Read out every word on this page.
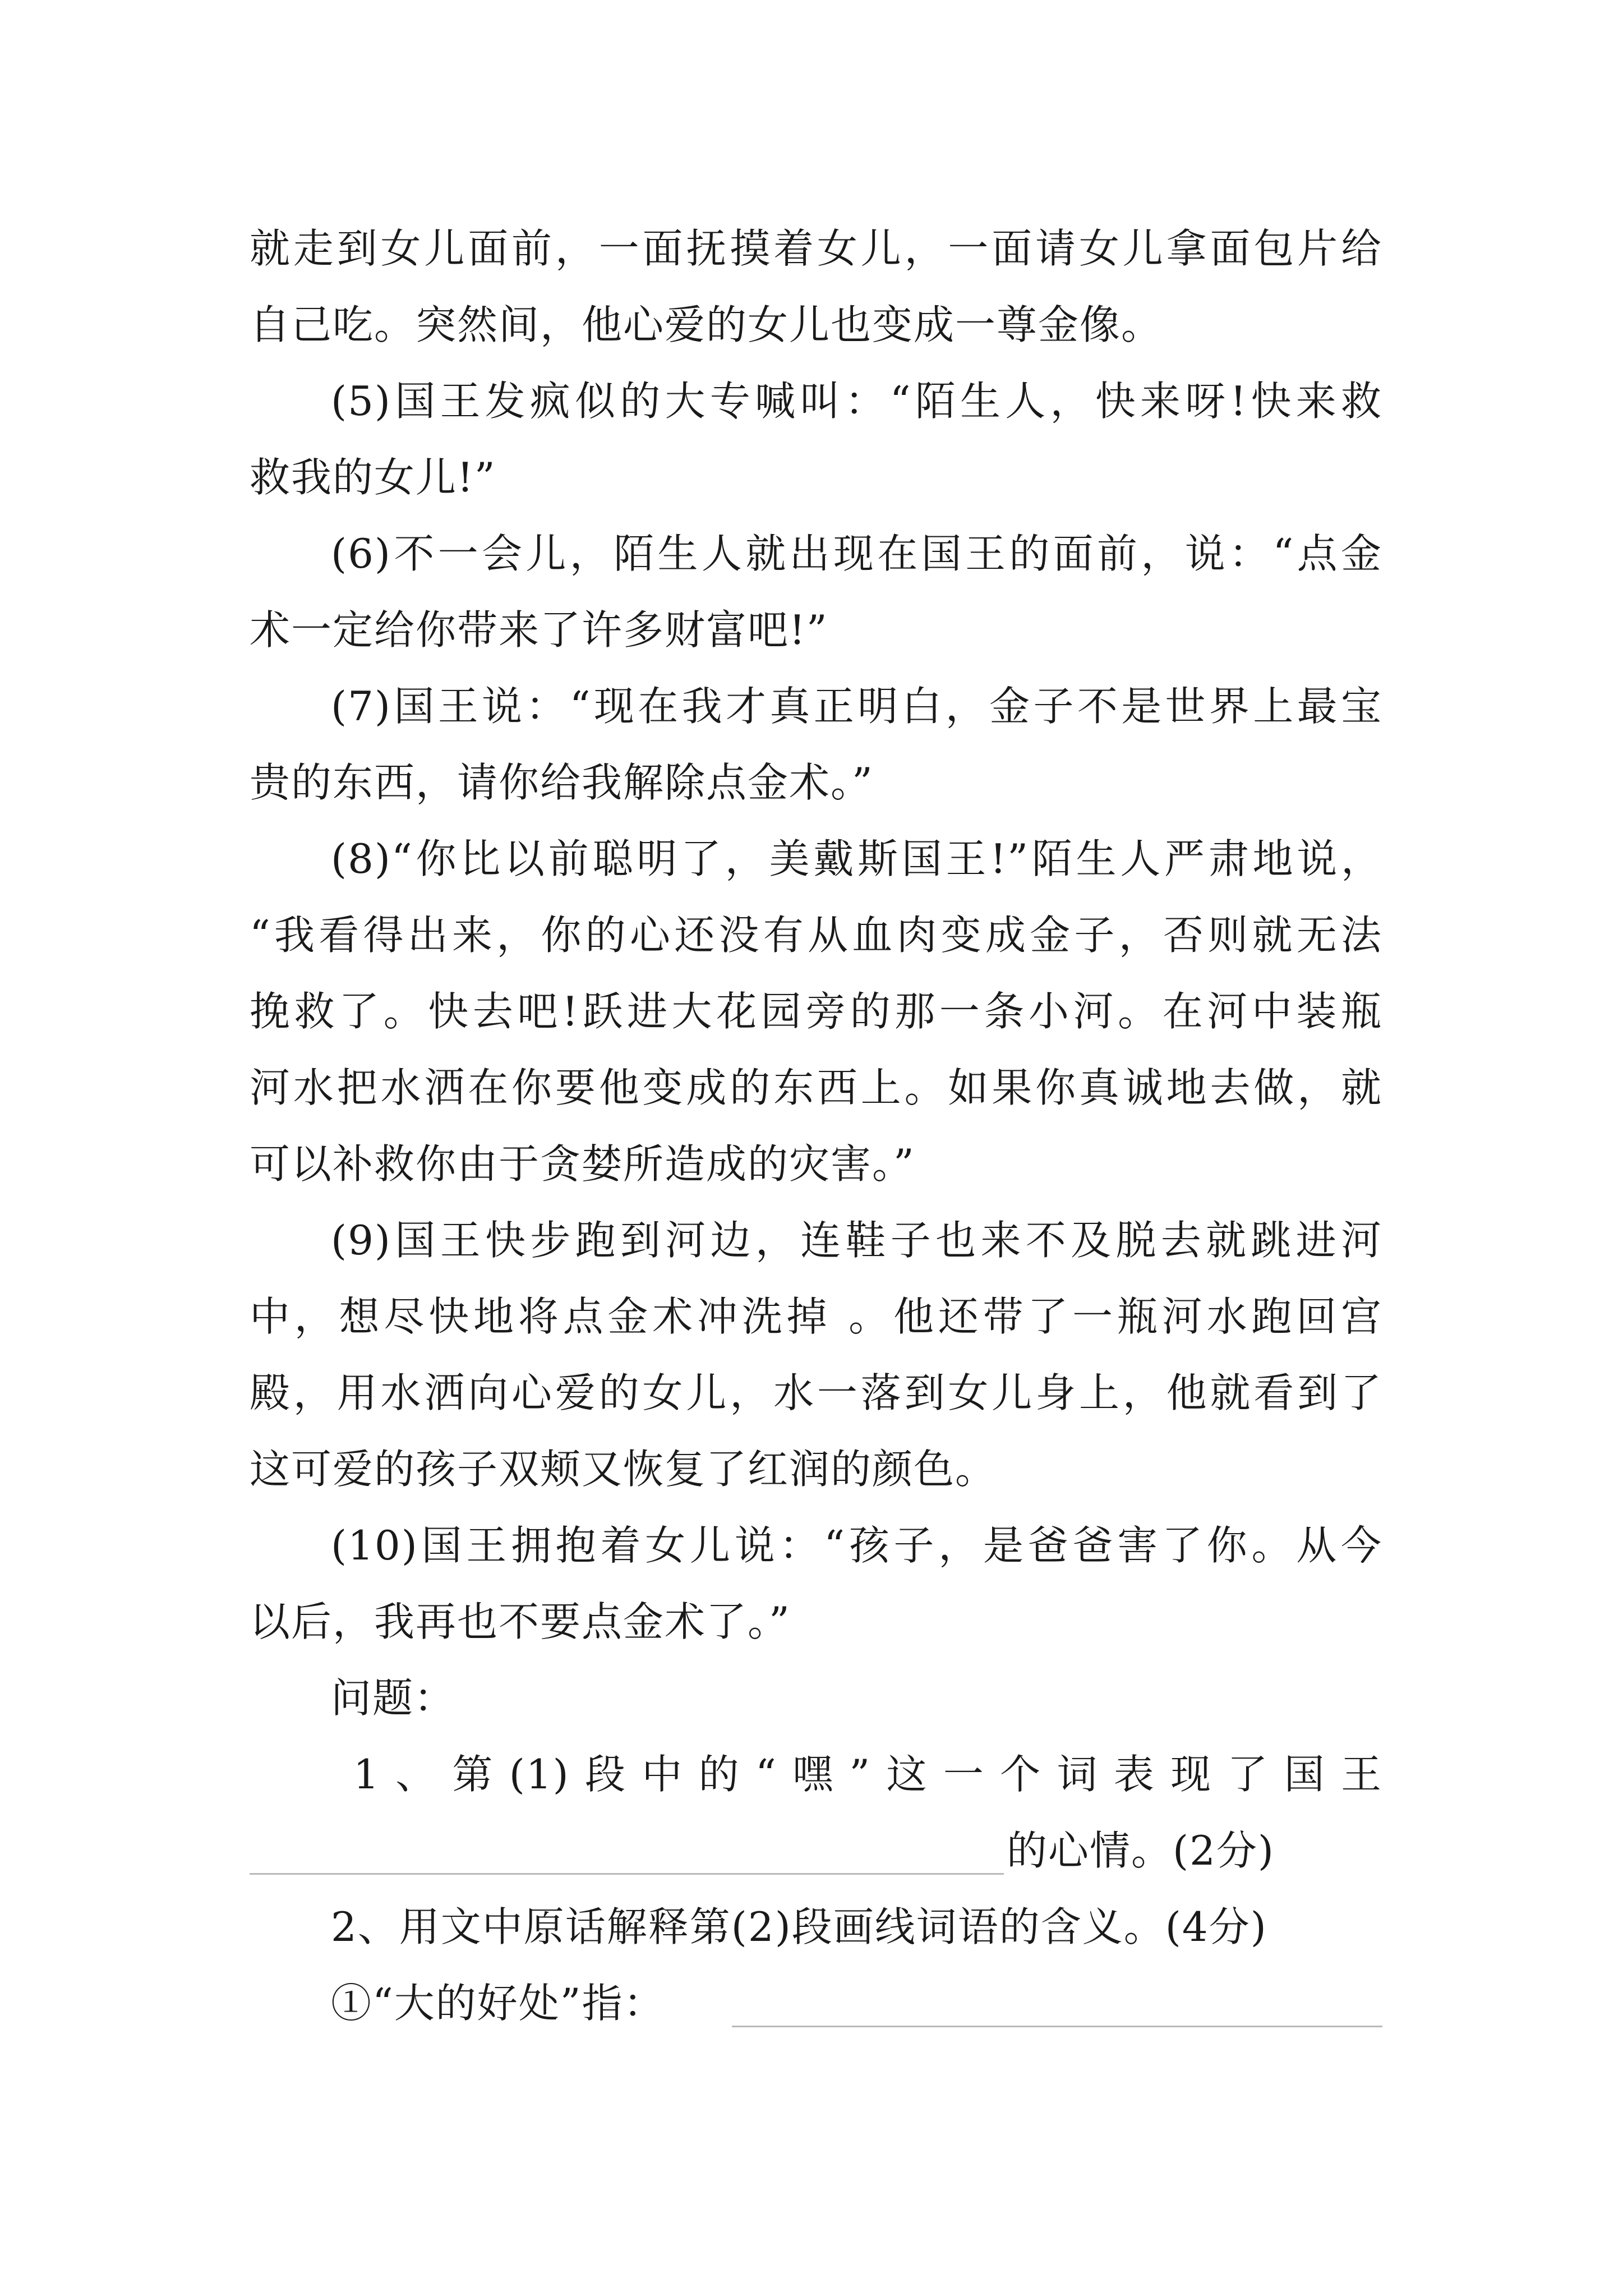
就走到女儿面前，一面抚摸着女儿，一面请女儿拿面包片给
自己吃。突然间，他心爱的女儿也变成一尊金像。
(5)国王发疯似的大专喊叫：“陌生人，快来呀!快来救
救我的女儿!”
(6)不一会儿，陌生人就出现在国王的面前，说：“点金
术一定给你带来了许多财富吧!”
(7)国王说：“现在我才真正明白，金子不是世界上最宝
贵的东西，请你给我解除点金术。”
(8)“你比以前聪明了，美戴斯国王!”陌生人严肃地说，
“我看得出来，你的心还没有从血肉变成金子，否则就无法
挽救了。快去吧!跃进大花园旁的那一条小河。在河中装瓶
河水把水洒在你要他变成的东西上。如果你真诚地去做，就
可以补救你由于贪婪所造成的灾害。”
(9)国王快步跑到河边，连鞋子也来不及脱去就跳进河
中，想尽快地将点金术冲洗掉 。他还带了一瓶河水跑回宫
殿，用水洒向心爱的女儿，水一落到女儿身上，他就看到了
这可爱的孩子双颊又恢复了红润的颜色。
(10)国王拥抱着女儿说：“孩子，是爸爸害了你。从今
以后，我再也不要点金术了。”
问题：
1、第(1)段中的“嘿”这一个词表现了国王
的心情。(2分)
2、用文中原话解释第(2)段画线词语的含义。(4分)
①“大的好处”指：
